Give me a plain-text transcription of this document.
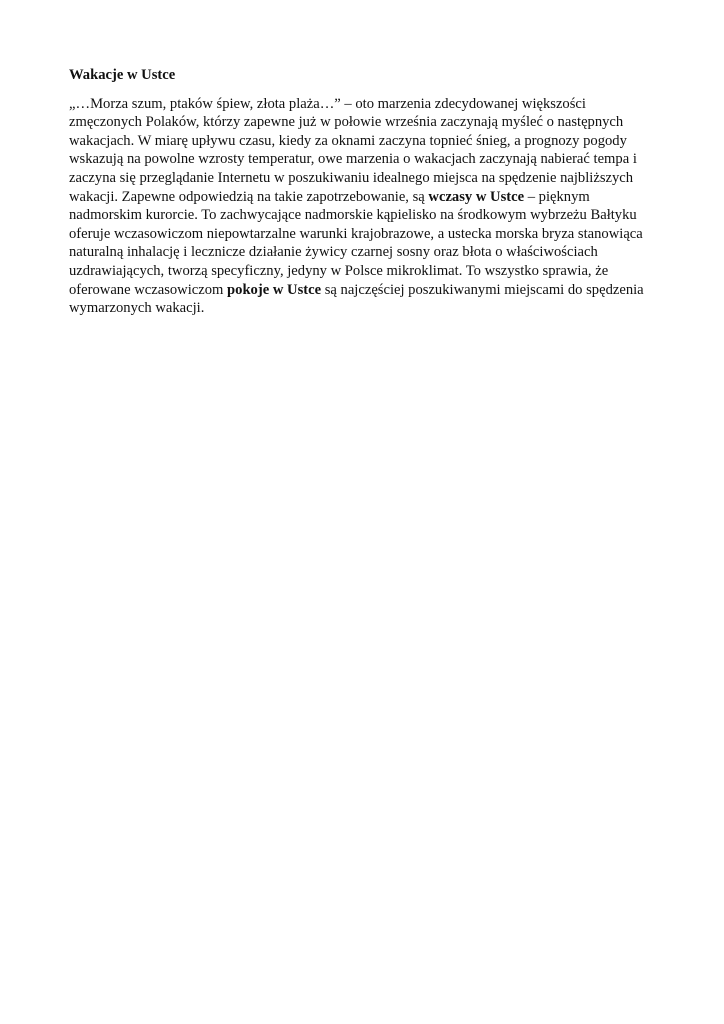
Wakacje w Ustce

„…Morza szum, ptaków śpiew, złota plaża…” – oto marzenia zdecydowanej większości zmęczonych Polaków, którzy zapewne już w połowie września zaczynają myśleć o następnych wakacjach. W miarę upływu czasu, kiedy za oknami zaczyna topnieć śnieg, a prognozy pogody wskazują na powolne wzrosty temperatur, owe marzenia o wakacjach zaczynają nabierać tempa i zaczyna się przeglądanie Internetu w poszukiwaniu idealnego miejsca na spędzenie najbliższych wakacji. Zapewne odpowiedzią na takie zapotrzebowanie, są wczasy w Ustce – pięknym nadmorskim kurorcie. To zachwycające nadmorskie kąpielisko na środkowym wybrzeżu Bałtyku oferuje wczasowiczom niepowtarzalne warunki krajobrazowe, a ustecka morska bryza stanowiąca naturalną inhalację i lecznicze działanie żywicy czarnej sosny oraz błota o właściwościach uzdrawiających, tworzą specyficzny, jedyny w Polsce mikroklimat. To wszystko sprawia, że oferowane wczasowiczom pokoje w Ustce są najczęściej poszukiwanymi miejscami do spędzenia wymarzonych wakacji.
